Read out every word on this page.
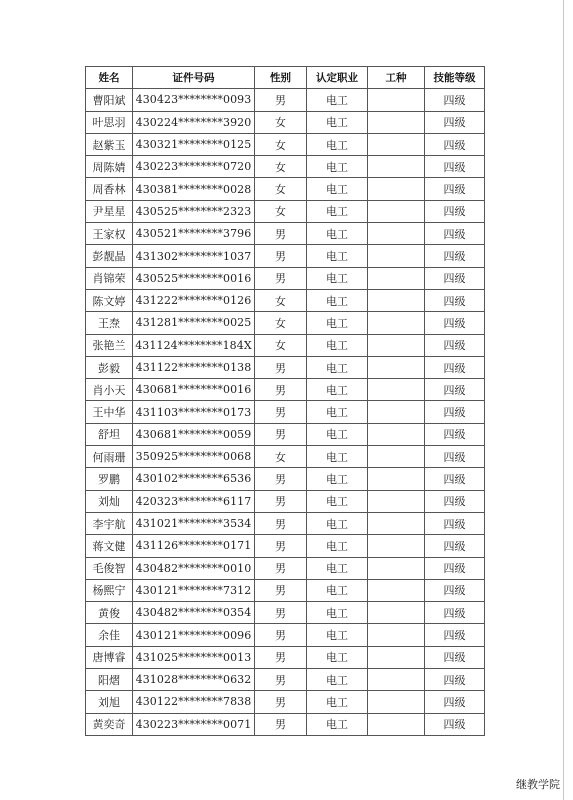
姓名	证件号码	性别	认定职业	工种	技能等级
曹阳斌	430423********0093	男	电工		四级
叶思羽	430224********3920	女	电工		四级
赵紫玉	430321********0125	女	电工		四级
周陈婧	430223********0720	女	电工		四级
周香林	430381********0028	女	电工		四级
尹星星	430525********2323	女	电工		四级
王家权	430521********3796	男	电工		四级
彭靓晶	431302********1037	男	电工		四级
肖锦荣	430525********0016	男	电工		四级
陈文婷	431222********0126	女	电工		四级
王焘	431281********0025	女	电工		四级
张艳兰	431124********184X	女	电工		四级
彭毅	431122********0138	男	电工		四级
肖小天	430681********0016	男	电工		四级
王中华	431103********0173	男	电工		四级
舒坦	430681********0059	男	电工		四级
何雨珊	350925********0068	女	电工		四级
罗鹏	430102********6536	男	电工		四级
刘灿	420323********6117	男	电工		四级
李宇航	431021********3534	男	电工		四级
蒋文健	431126********0171	男	电工		四级
毛俊智	430482********0010	男	电工		四级
杨熙宁	430121********7312	男	电工		四级
黄俊	430482********0354	男	电工		四级
余佳	430121********0096	男	电工		四级
唐博睿	431025********0013	男	电工		四级
阳熠	431028********0632	男	电工		四级
刘旭	430122********7838	男	电工		四级
黄奕奇	430223********0071	男	电工		四级
继教学院
